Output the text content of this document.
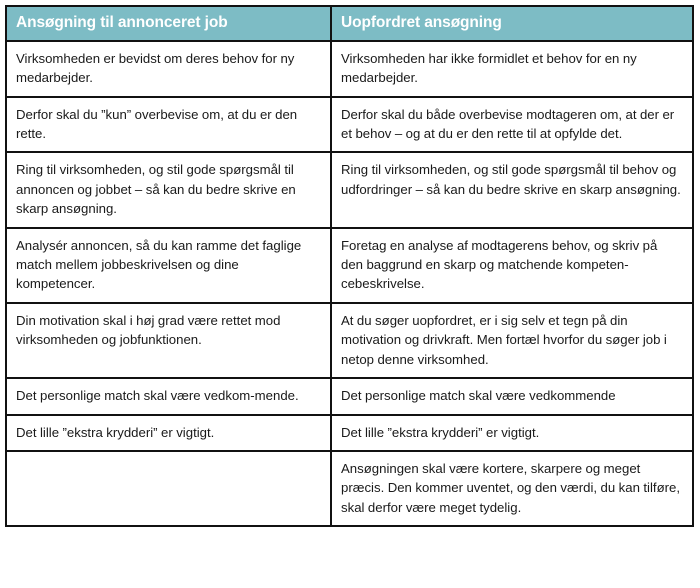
Ansøgning til annonceret job	Uopfordret ansøgning

Virksomheden er bevidst om deres behov for ny medarbejder.	Virksomheden har ikke formidlet et behov for en ny medarbejder.

Derfor skal du ”kun” overbevise om, at du er den rette.	Derfor skal du både overbevise modtageren om, at der er et behov – og at du er den rette til at opfylde det.

Ring til virksomheden, og stil gode spørgsmål til annoncen og jobbet – så kan du bedre skrive en skarp ansøgning.	Ring til virksomheden, og stil gode spørgsmål til behov og udfordringer – så kan du bedre skrive en skarp ansøgning.

Analysér annoncen, så du kan ramme det faglige match mellem jobbeskrivelsen og dine kompetencer.	Foretag en analyse af modtagerens behov, og skriv på den baggrund en skarp og matchende kompeten-cebeskrivelse.

Din motivation skal i høj grad være rettet mod virksomheden og jobfunktionen.	At du søger uopfordret, er i sig selv et tegn på din motivation og drivkraft. Men fortæl hvorfor du søger job i netop denne virksomhed.

Det personlige match skal være vedkom-mende.	Det personlige match skal være vedkommende

Det lille ”ekstra krydderi” er vigtigt.	Det lille ”ekstra krydderi” er vigtigt.

	Ansøgningen skal være kortere, skarpere og meget præcis. Den kommer uventet, og den værdi, du kan tilføre, skal derfor være meget tydelig.
